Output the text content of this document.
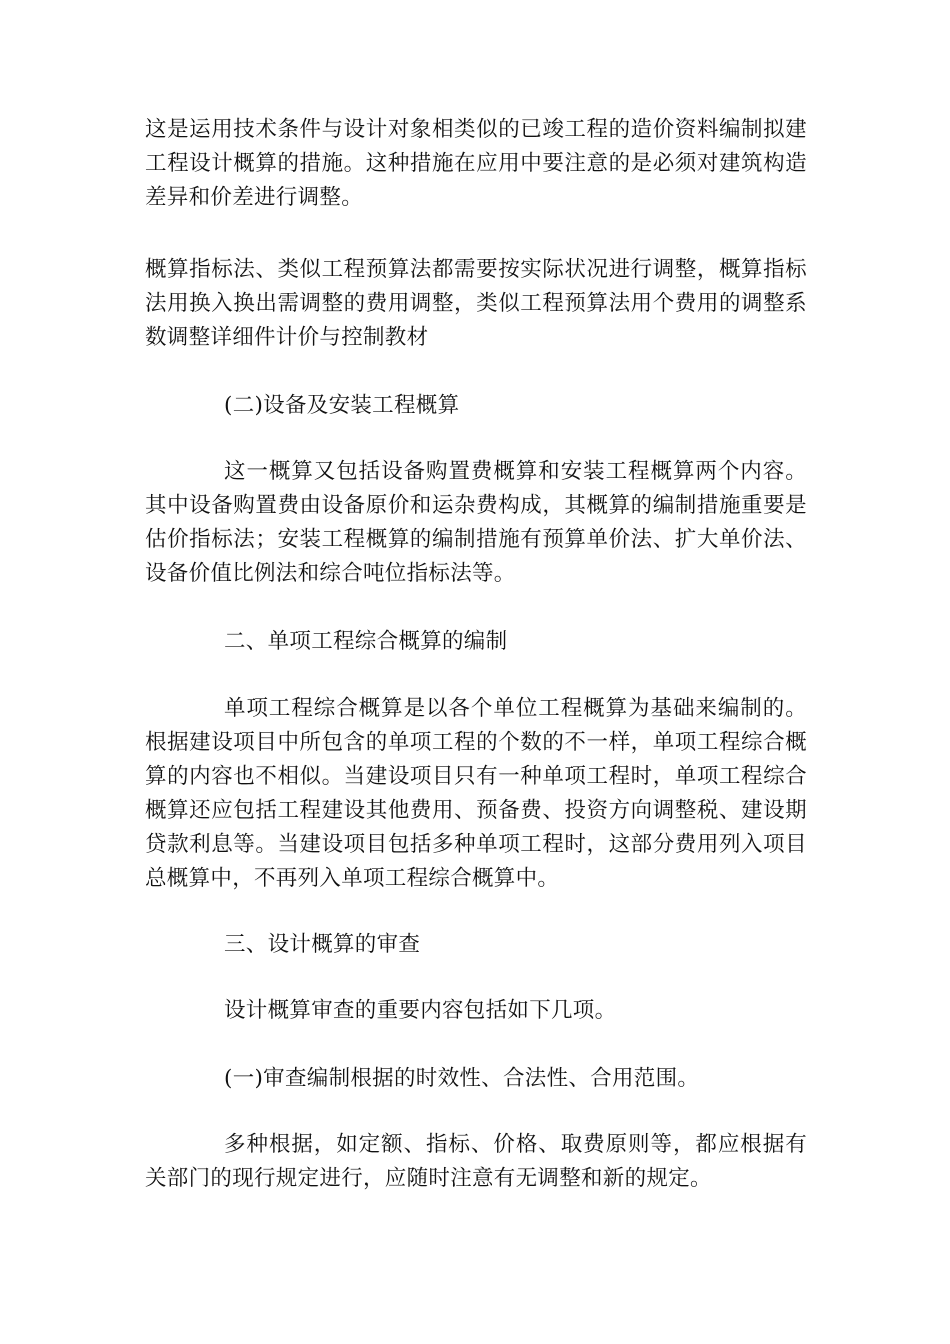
这是运用技术条件与设计对象相类似的已竣工程的造价资料编制拟建工程设计概算的措施。这种措施在应用中要注意的是必须对建筑构造差异和价差进行调整。

概算指标法、类似工程预算法都需要按实际状况进行调整，概算指标法用换入换出需调整的费用调整，类似工程预算法用个费用的调整系数调整详细件计价与控制教材

(二)设备及安装工程概算

这一概算又包括设备购置费概算和安装工程概算两个内容。其中设备购置费由设备原价和运杂费构成，其概算的编制措施重要是估价指标法；安装工程概算的编制措施有预算单价法、扩大单价法、设备价值比例法和综合吨位指标法等。

二、单项工程综合概算的编制

单项工程综合概算是以各个单位工程概算为基础来编制的。根据建设项目中所包含的单项工程的个数的不一样，单项工程综合概算的内容也不相似。当建设项目只有一种单项工程时，单项工程综合概算还应包括工程建设其他费用、预备费、投资方向调整税、建设期贷款利息等。当建设项目包括多种单项工程时，这部分费用列入项目总概算中，不再列入单项工程综合概算中。

三、设计概算的审查

设计概算审查的重要内容包括如下几项。

(一)审查编制根据的时效性、合法性、合用范围。

多种根据，如定额、指标、价格、取费原则等，都应根据有关部门的现行规定进行，应随时注意有无调整和新的规定。
